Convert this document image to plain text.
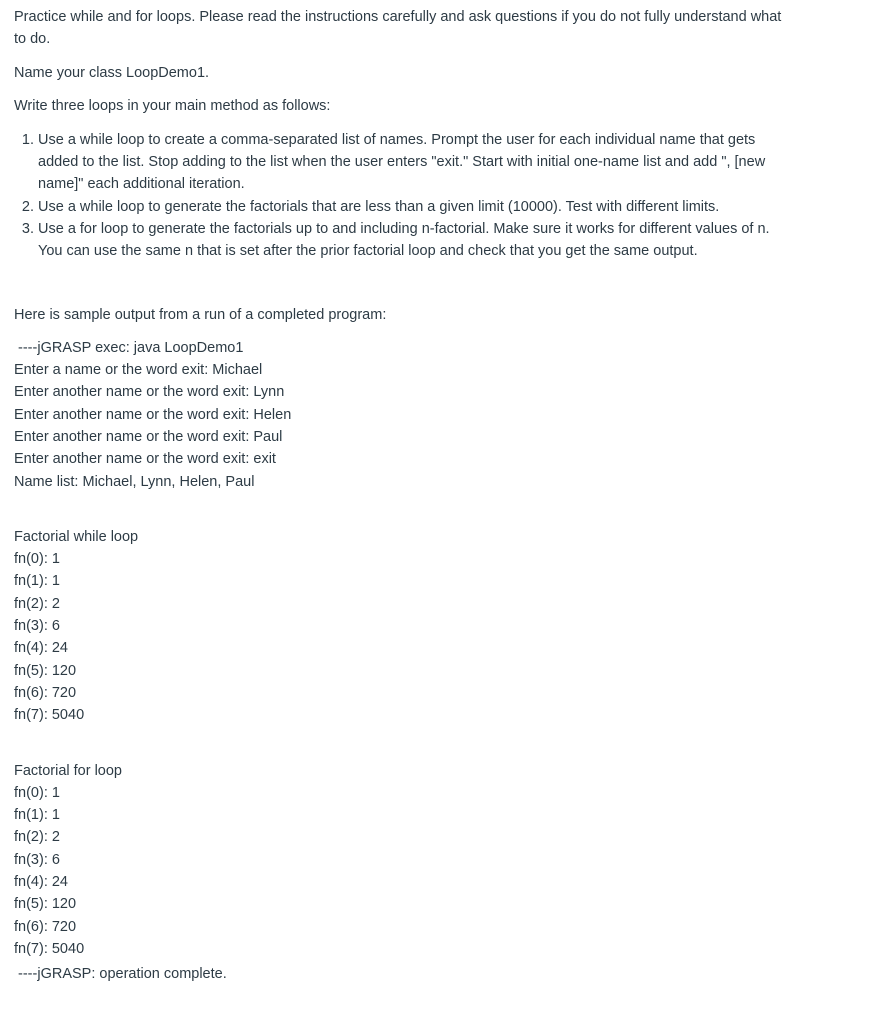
Practice while and for loops. Please read the instructions carefully and ask questions if you do not fully understand what to do.

Name your class LoopDemo1.

Write three loops in your main method as follows:

1. Use a while loop to create a comma-separated list of names. Prompt the user for each individual name that gets added to the list. Stop adding to the list when the user enters "exit." Start with initial one-name list and add ", [new name]" each additional iteration.
2. Use a while loop to generate the factorials that are less than a given limit (10000). Test with different limits.
3. Use a for loop to generate the factorials up to and including n-factorial. Make sure it works for different values of n. You can use the same n that is set after the prior factorial loop and check that you get the same output.

Here is sample output from a run of a completed program:

----jGRASP exec: java LoopDemo1
Enter a name or the word exit: Michael
Enter another name or the word exit: Lynn
Enter another name or the word exit: Helen
Enter another name or the word exit: Paul
Enter another name or the word exit: exit
Name list: Michael, Lynn, Helen, Paul
Factorial while loop
fn(0): 1
fn(1): 1
fn(2): 2
fn(3): 6
fn(4): 24
fn(5): 120
fn(6): 720
fn(7): 5040
Factorial for loop
fn(0): 1
fn(1): 1
fn(2): 2
fn(3): 6
fn(4): 24
fn(5): 120
fn(6): 720
fn(7): 5040
----jGRASP: operation complete.
